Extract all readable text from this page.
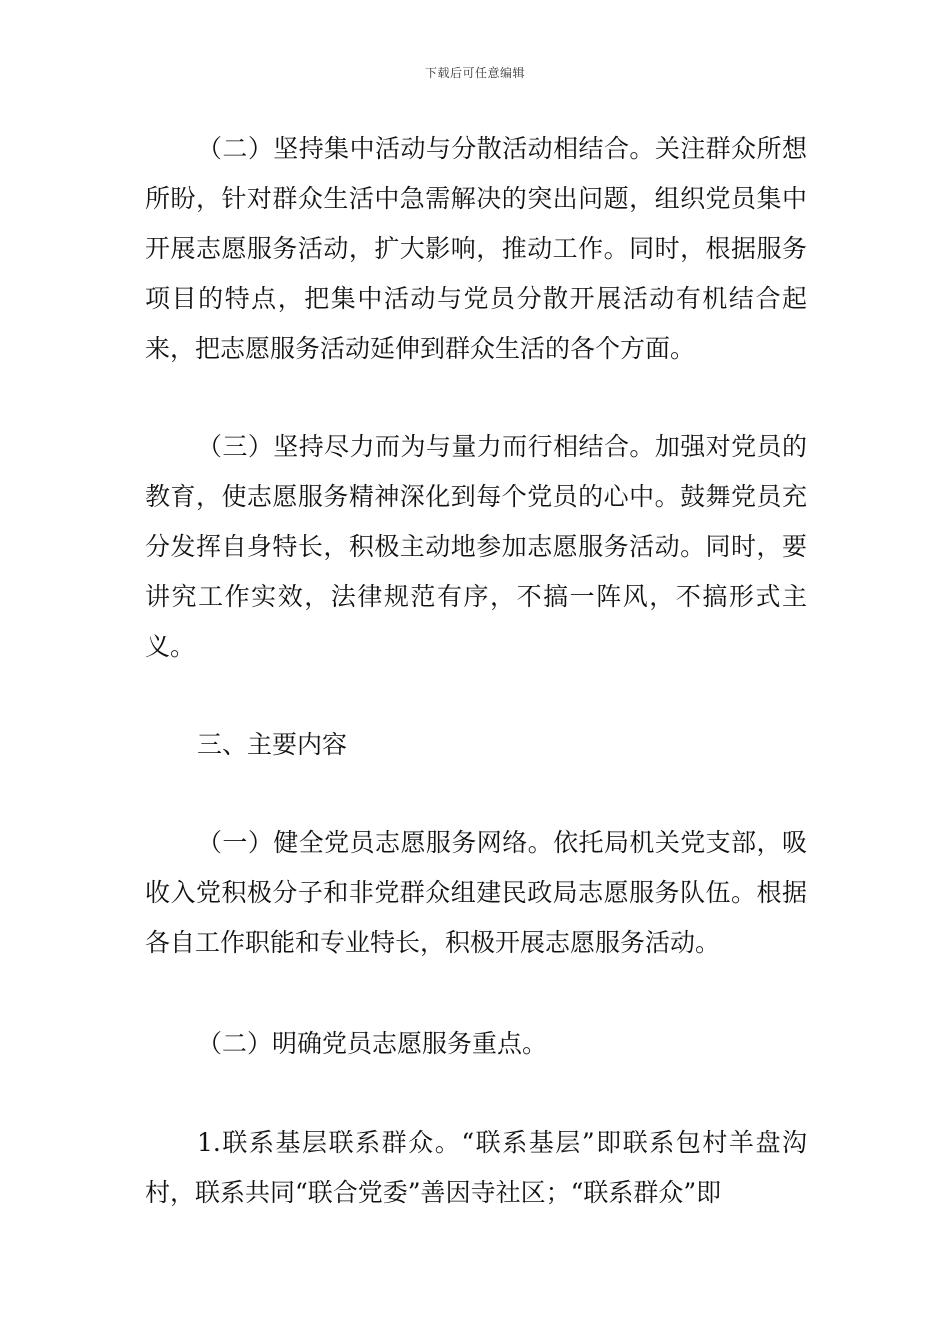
下载后可任意编辑

（二）坚持集中活动与分散活动相结合。关注群众所想所盼，针对群众生活中急需解决的突出问题，组织党员集中开展志愿服务活动，扩大影响，推动工作。同时，根据服务项目的特点，把集中活动与党员分散开展活动有机结合起来，把志愿服务活动延伸到群众生活的各个方面。

（三）坚持尽力而为与量力而行相结合。加强对党员的教育，使志愿服务精神深化到每个党员的心中。鼓舞党员充分发挥自身特长，积极主动地参加志愿服务活动。同时，要讲究工作实效，法律规范有序，不搞一阵风，不搞形式主义。

三、主要内容

（一）健全党员志愿服务网络。依托局机关党支部，吸收入党积极分子和非党群众组建民政局志愿服务队伍。根据各自工作职能和专业特长，积极开展志愿服务活动。

（二）明确党员志愿服务重点。

1.联系基层联系群众。“联系基层”即联系包村羊盘沟村，联系共同“联合党委”善因寺社区；“联系群众”即
